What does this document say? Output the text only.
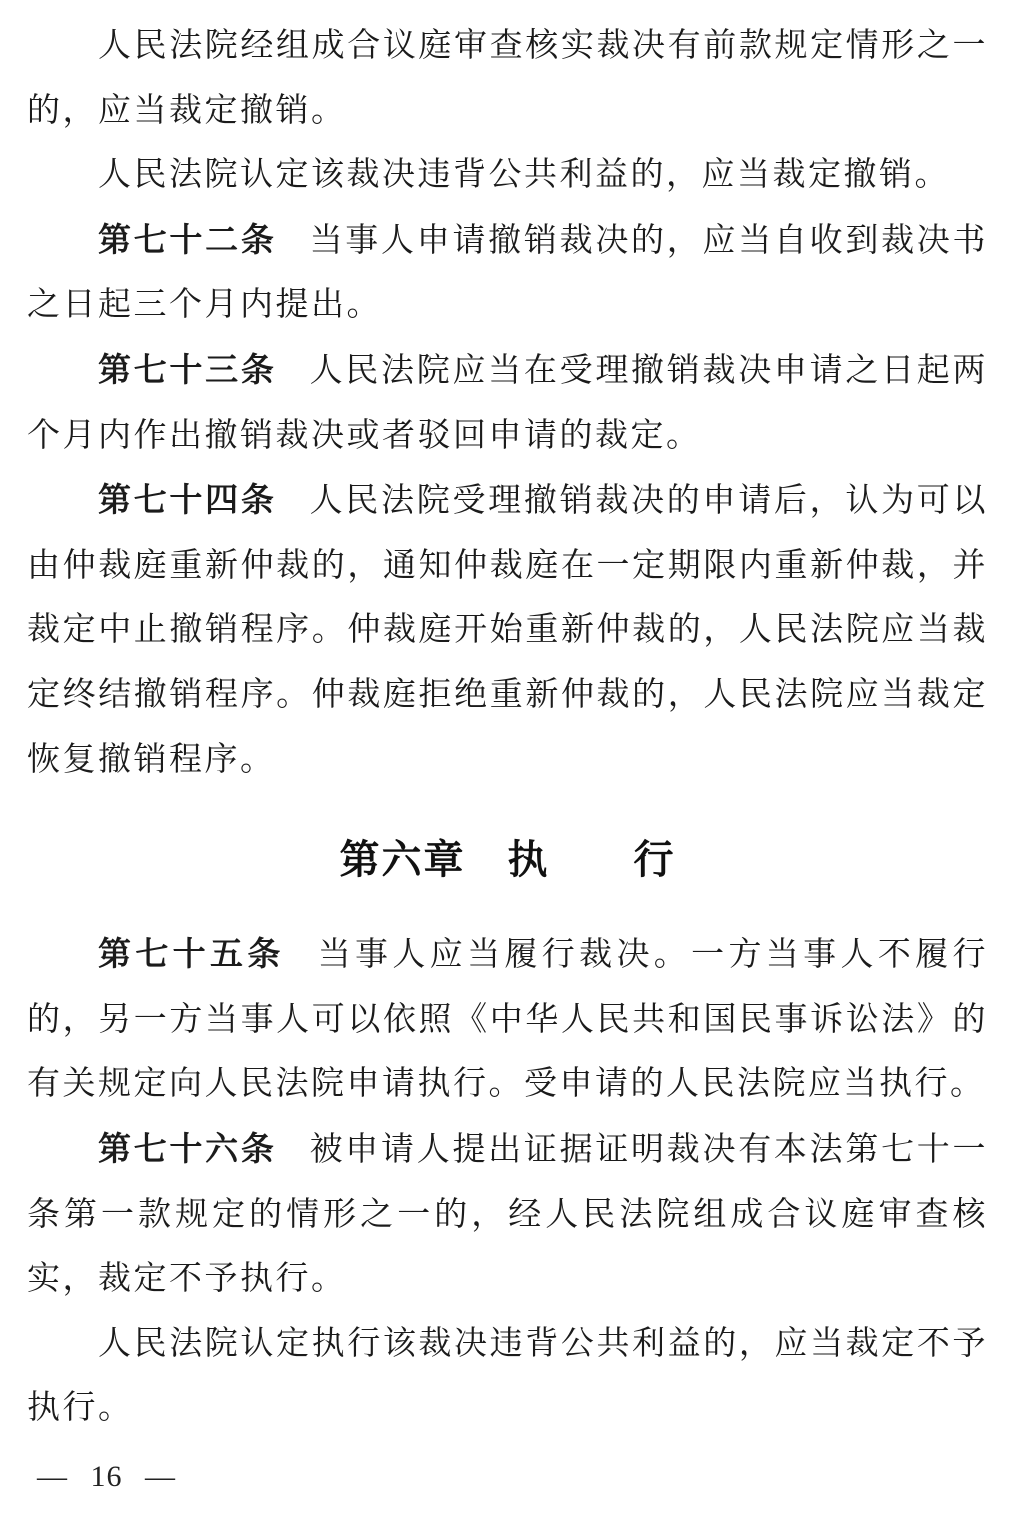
人民法院经组成合议庭审查核实裁决有前款规定情形之一的，应当裁定撤销。

人民法院认定该裁决违背公共利益的，应当裁定撤销。

第七十二条 当事人申请撤销裁决的，应当自收到裁决书之日起三个月内提出。

第七十三条 人民法院应当在受理撤销裁决申请之日起两个月内作出撤销裁决或者驳回申请的裁定。

第七十四条 人民法院受理撤销裁决的申请后，认为可以由仲裁庭重新仲裁的，通知仲裁庭在一定期限内重新仲裁，并裁定中止撤销程序。仲裁庭开始重新仲裁的，人民法院应当裁定终结撤销程序。仲裁庭拒绝重新仲裁的，人民法院应当裁定恢复撤销程序。

第六章　执　　行

第七十五条 当事人应当履行裁决。一方当事人不履行的，另一方当事人可以依照《中华人民共和国民事诉讼法》的有关规定向人民法院申请执行。受申请的人民法院应当执行。

第七十六条 被申请人提出证据证明裁决有本法第七十一条第一款规定的情形之一的，经人民法院组成合议庭审查核实，裁定不予执行。

人民法院认定执行该裁决违背公共利益的，应当裁定不予执行。

— 16 —
